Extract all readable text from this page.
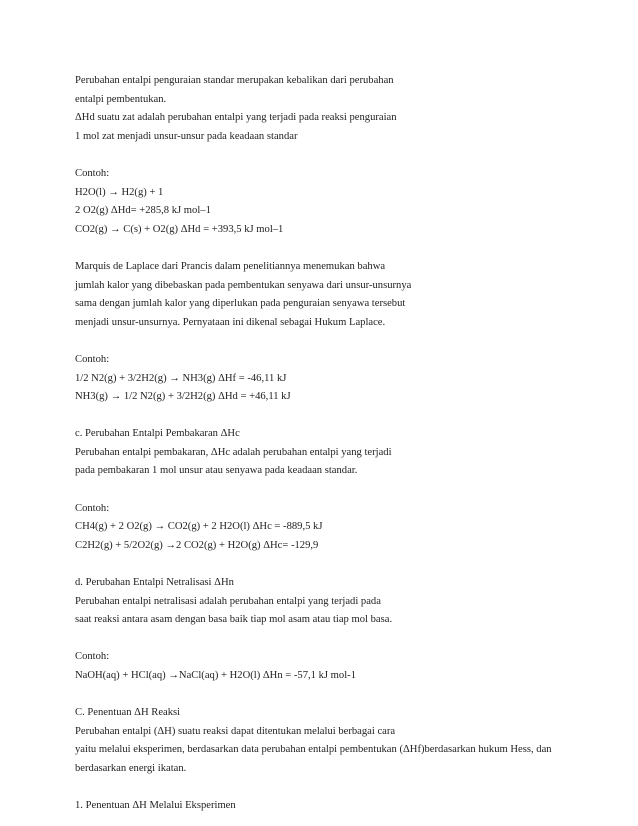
Perubahan entalpi penguraian standar merupakan kebalikan dari perubahan
entalpi pembentukan.
ΔHd suatu zat adalah perubahan entalpi yang terjadi pada reaksi penguraian
1 mol zat menjadi unsur-unsur pada keadaan standar
Contoh:
H2O(l) → H2(g) + 1
2 O2(g) ΔHd= +285,8 kJ mol–1
CO2(g) → C(s) + O2(g) ΔHd = +393,5 kJ mol–1
Marquis de Laplace dari Prancis dalam penelitiannya menemukan bahwa
jumlah kalor yang dibebaskan pada pembentukan senyawa dari unsur-unsurnya
sama dengan jumlah kalor yang diperlukan pada penguraian senyawa tersebut
menjadi unsur-unsurnya. Pernyataan ini dikenal sebagai Hukum Laplace.
Contoh:
1/2 N2(g) + 3/2H2(g) → NH3(g) ΔHf = -46,11 kJ
NH3(g) → 1/2 N2(g) + 3/2H2(g) ΔHd = +46,11 kJ
c. Perubahan Entalpi Pembakaran ΔHc
Perubahan entalpi pembakaran, ΔHc adalah perubahan entalpi yang terjadi
pada pembakaran 1 mol unsur atau senyawa pada keadaan standar.
Contoh:
CH4(g) + 2 O2(g) → CO2(g) + 2 H2O(l) ΔHc = -889,5 kJ
C2H2(g) + 5/2O2(g) →2 CO2(g) + H2O(g) ΔHc= -129,9
d. Perubahan Entalpi Netralisasi ΔHn
Perubahan entalpi netralisasi adalah perubahan entalpi yang terjadi pada
saat reaksi antara asam dengan basa baik tiap mol asam atau tiap mol basa.
Contoh:
NaOH(aq) + HCl(aq) →NaCl(aq) + H2O(l) ΔHn = -57,1 kJ mol-1
C. Penentuan ΔH Reaksi
Perubahan entalpi (ΔH) suatu reaksi dapat ditentukan melalui berbagai cara
yaitu melalui eksperimen, berdasarkan data perubahan entalpi pembentukan (ΔHf)berdasarkan hukum Hess, dan
berdasarkan energi ikatan.
1. Penentuan ΔH Melalui Eksperimen
